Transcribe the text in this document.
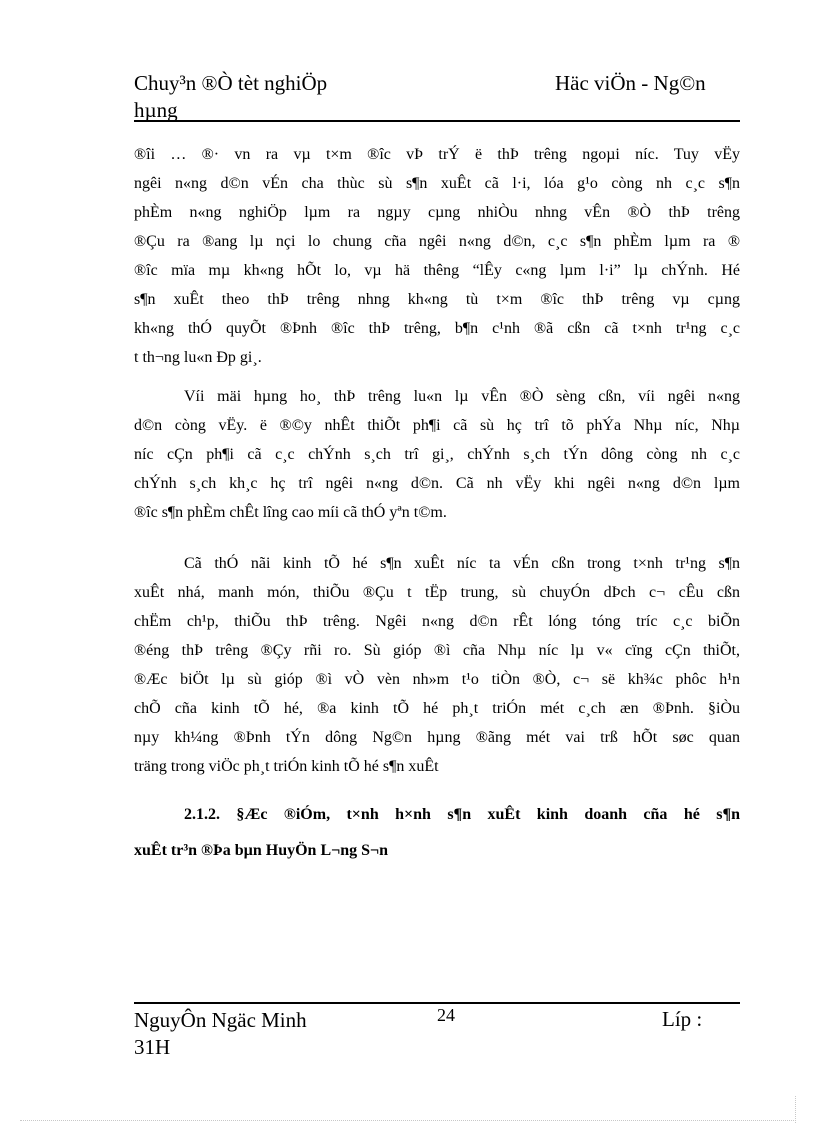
Chuy³n ®Ò tèt nghiÖp
hµng
Häc viÖn - Ng©n

®îi … ®· vn ra vµ t×m ®îc vÞ trÝ ë thÞ trêng ngoµi níc. Tuy vËy

ngêi n«ng d©n vÉn cha thùc sù s¶n xuÊt cã l·i, lóa g¹o còng nh c¸c s¶n

phÈm n«ng nghiÖp lµm ra ngµy cµng nhiÒu nhng vÊn ®Ò thÞ trêng

®Çu ra ®ang lµ nçi lo chung cña ngêi n«ng d©n, c¸c s¶n phÈm lµm ra ®

®îc mïa mµ kh«ng hÕt lo, vµ hä thêng “lÊy c«ng lµm l·i” lµ chÝnh. Hé

s¶n xuÊt theo thÞ trêng nhng kh«ng tù t×m ®îc thÞ trêng vµ cµng

kh«ng thÓ quyÕt ®Þnh ®îc thÞ trêng, b¶n c¹nh ®ã cßn cã t×nh tr¹ng c¸c

t th¬ng lu«n Ðp gi¸.

Víi mäi hµng ho¸ thÞ trêng lu«n lµ vÊn ®Ò sèng cßn, víi ngêi n«ng

d©n còng vËy. ë ®©y nhÊt thiÕt ph¶i cã sù hç trî tõ phÝa Nhµ níc, Nhµ

níc cÇn ph¶i cã c¸c chÝnh s¸ch trî gi¸, chÝnh s¸ch tÝn dông còng nh c¸c

chÝnh s¸ch kh¸c hç trî ngêi n«ng d©n. Cã nh vËy khi ngêi n«ng d©n lµm

®îc s¶n phÈm chÊt lîng cao míi cã thÓ yªn t©m.

Cã thÓ nãi kinh tÕ hé s¶n xuÊt níc ta vÉn cßn trong t×nh tr¹ng s¶n

xuÊt nhá, manh món, thiÕu ®Çu t tËp trung, sù chuyÓn dÞch c¬ cÊu cßn

chËm ch¹p, thiÕu thÞ trêng. Ngêi n«ng d©n rÊt lóng tóng tríc c¸c biÕn

®éng thÞ trêng ®Çy rñi ro. Sù gióp ®ì cña Nhµ níc lµ v« cïng cÇn thiÕt,

®Æc biÖt lµ sù gióp ®ì vÒ vèn nh»m t¹o tiÒn ®Ò, c¬ së kh¾c phôc h¹n

chÕ cña kinh tÕ hé, ®a kinh tÕ hé ph¸t triÓn mét c¸ch æn ®Þnh. §iÒu

nµy kh¼ng ®Þnh tÝn dông Ng©n hµng ®ãng mét vai trß hÕt søc quan

träng trong viÖc ph¸t triÓn kinh tÕ hé s¶n xuÊt

2.1.2. §Æc ®iÓm, t×nh h×nh s¶n xuÊt kinh doanh cña hé s¶n

xuÊt tr³n ®Þa bµn HuyÖn L¬ng S¬n

NguyÔn Ngäc Minh
31H
24	Líp :
